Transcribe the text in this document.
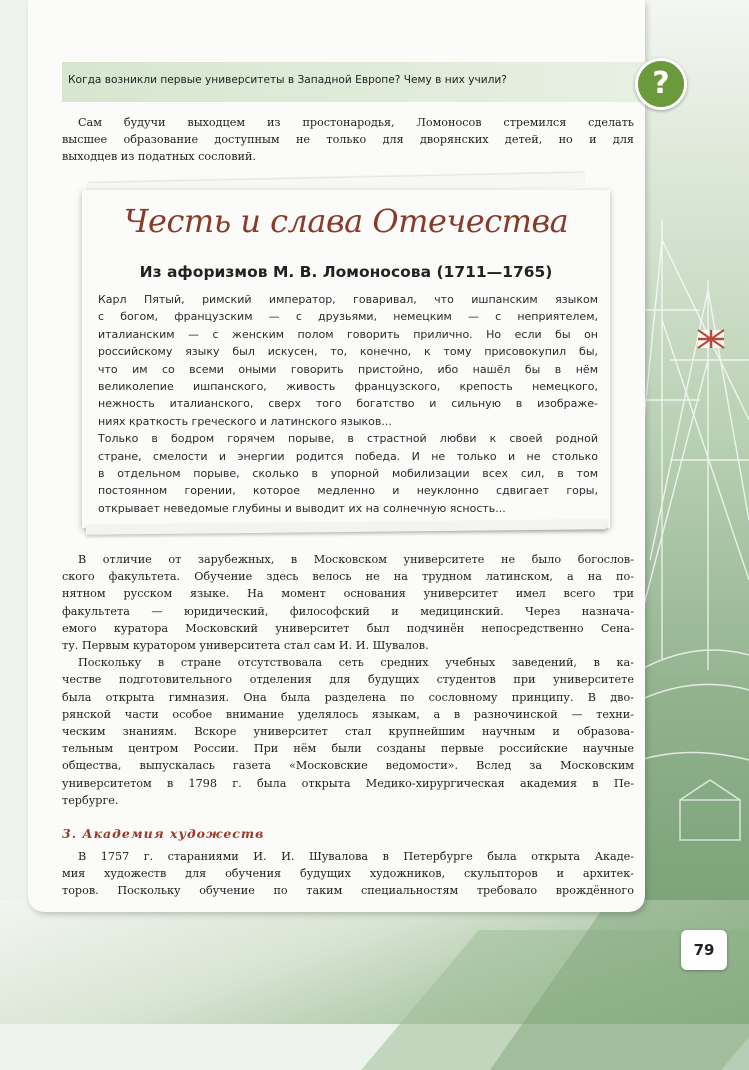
Когда возникли первые университеты в Западной Европе? Чему в них учили?	?
Сам будучи выходцем из простонародья, Ломоносов стремился сделать
высшее образование доступным не только для дворянских детей, но и для
выходцев из податных сословий.
Честь и слава Отечества
Из афоризмов М. В. Ломоносова (1711—1765)
Карл Пятый, римский император, говаривал, что ишпанским языком
с богом, французским — с друзьями, немецким — с неприятелем,
италианским — с женским полом говорить прилично. Но если бы он
российскому языку был искусен, то, конечно, к тому присовокупил бы,
что им со всеми оными говорить пристойно, ибо нашёл бы в нём
великолепие ишпанского, живость французского, крепость немецкого,
нежность италианского, сверх того богатство и сильную в изображе-
ниях краткость греческого и латинского языков...
Только в бодром горячем порыве, в страстной любви к своей родной
стране, смелости и энергии родится победа. И не только и не столько
в отдельном порыве, сколько в упорной мобилизации всех сил, в том
постоянном горении, которое медленно и неуклонно сдвигает горы,
открывает неведомые глубины и выводит их на солнечную ясность...
В отличие от зарубежных, в Московском университете не было богослов-
ского факультета. Обучение здесь велось не на трудном латинском, а на по-
нятном русском языке. На момент основания университет имел всего три
факультета — юридический, философский и медицинский. Через назнача-
емого куратора Московский университет был подчинён непосредственно Сена-
ту. Первым куратором университета стал сам И. И. Шувалов.
Поскольку в стране отсутствовала сеть средних учебных заведений, в ка-
честве подготовительного отделения для будущих студентов при университете
была открыта гимназия. Она была разделена по сословному принципу. В дво-
рянской части особое внимание уделялось языкам, а в разночинской — техни-
ческим знаниям. Вскоре университет стал крупнейшим научным и образова-
тельным центром России. При нём были созданы первые российские научные
общества, выпускалась газета «Московские ведомости». Вслед за Московским
университетом в 1798 г. была открыта Медико-хирургическая академия в Пе-
тербурге.
3. Академия художеств
В 1757 г. стараниями И. И. Шувалова в Петербурге была открыта Акаде-
мия художеств для обучения будущих художников, скульпторов и архитек-
торов. Поскольку обучение по таким специальностям требовало врождённого
79
